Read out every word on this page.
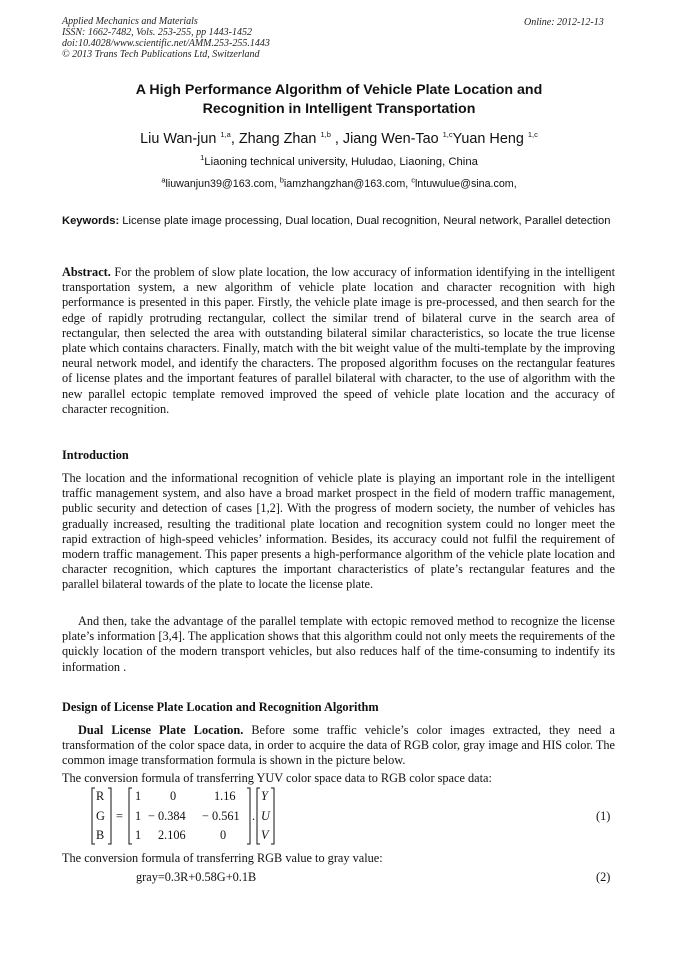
Applied Mechanics and Materials
ISSN: 1662-7482, Vols. 253-255, pp 1443-1452
doi:10.4028/www.scientific.net/AMM.253-255.1443
© 2013 Trans Tech Publications Ltd, Switzerland
Online: 2012-12-13
A High Performance Algorithm of Vehicle Plate Location and
Recognition in Intelligent Transportation
Liu Wan-jun $^{1,a}$, Zhang Zhan $^{1,b}$ , Jiang Wen-Tao $^{1,c}$Yuan Heng $^{1,c}$
$^1$Liaoning technical university, Huludao, Liaoning, China
$^a$liuwanjun39@163.com, $^b$iamzhangzhan@163.com, $^c$lntuwulue@sina.com,
Keywords: License plate image processing, Dual location, Dual recognition, Neural network, Parallel detection
Abstract. For the problem of slow plate location, the low accuracy of information identifying in the intelligent transportation system, a new algorithm of vehicle plate location and character recognition with high performance is presented in this paper. Firstly, the vehicle plate image is pre-processed, and then search for the edge of rapidly protruding rectangular, collect the similar trend of bilateral curve in the search area of rectangular, then selected the area with outstanding bilateral similar characteristics, so locate the true license plate which contains characters. Finally, match with the bit weight value of the multi-template by the improving neural network model, and identify the characters. The proposed algorithm focuses on the rectangular features of license plates and the important features of parallel bilateral with character, to the use of algorithm with the new parallel ectopic template removed improved the speed of vehicle plate location and the accuracy of character recognition.
Introduction
The location and the informational recognition of vehicle plate is playing an important role in the intelligent traffic management system, and also have a broad market prospect in the field of modern traffic management, public security and detection of cases [1,2]. With the progress of modern society, the number of vehicles has gradually increased, resulting the traditional plate location and recognition system could no longer meet the rapid extraction of high-speed vehicles’ information. Besides, its accuracy could not fulfil the requirement of modern traffic management. This paper presents a high-performance algorithm of the vehicle plate location and character recognition, which captures the important characteristics of plate’s rectangular features and the parallel bilateral towards of the plate to locate the license plate.
And then, take the advantage of the parallel template with ectopic removed method to recognize the license plate’s information [3,4]. The application shows that this algorithm could not only meets the requirements of the quickly location of the modern transport vehicles, but also reduces half of the time-consuming to indentify its information .
Design of License Plate Location and Recognition Algorithm
Dual License Plate Location. Before some traffic vehicle’s color images extracted, they need a transformation of the color space data, in order to acquire the data of RGB color, gray image and HIS color. The common image transformation formula is shown in the picture below.
The conversion formula of transferring YUV color space data to RGB color space data:
R
G
B
=
1 0	1.16
1 − 0.384 − 0.561
1 2.106	0
.
Y
U
V
(1)
The conversion formula of transferring RGB value to gray value:
gray=0.3R+0.58G+0.1B	(2)
